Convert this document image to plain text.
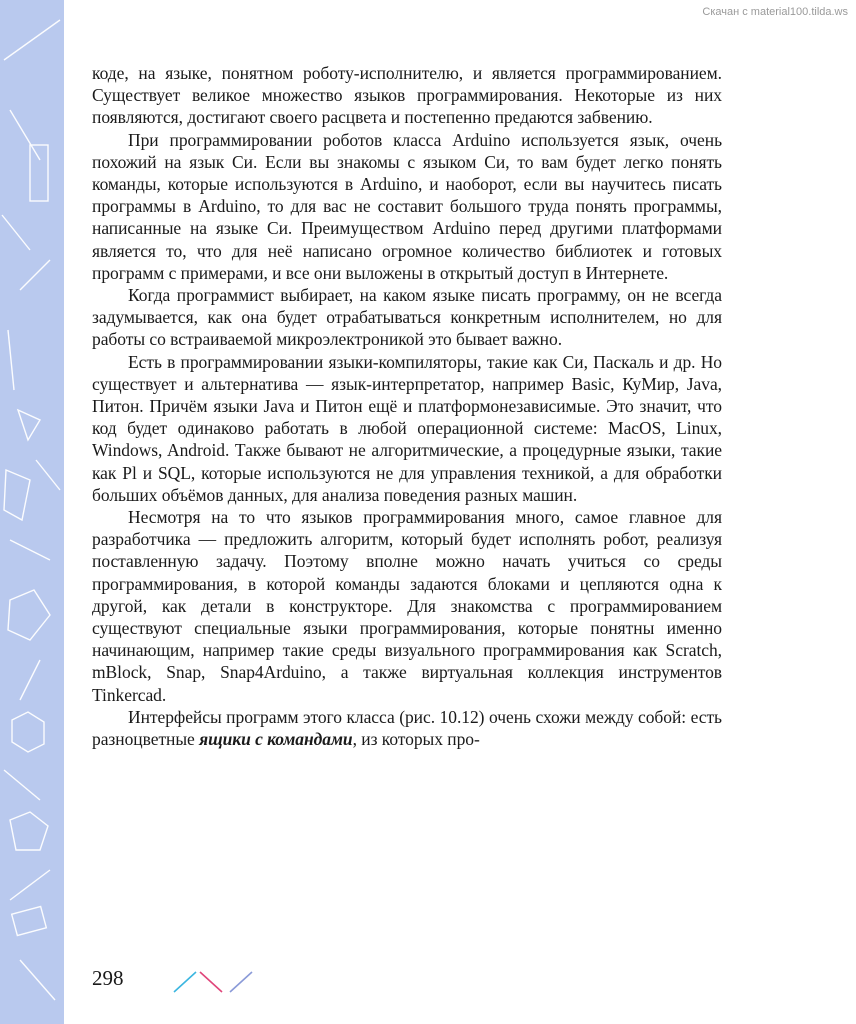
Скачан с material100.tilda.ws

коде, на языке, понятном роботу-исполнителю, и является программированием. Существует великое множество языков программирования. Некоторые из них появляются, достигают своего расцвета и постепенно предаются забвению.

При программировании роботов класса Arduino используется язык, очень похожий на язык Си. Если вы знакомы с языком Си, то вам будет легко понять команды, которые используются в Arduino, и наоборот, если вы научитесь писать программы в Arduino, то для вас не составит большого труда понять программы, написанные на языке Си. Преимуществом Arduino перед другими платформами является то, что для неё написано огромное количество библиотек и готовых программ с примерами, и все они выложены в открытый доступ в Интернете.

Когда программист выбирает, на каком языке писать программу, он не всегда задумывается, как она будет отрабатываться конкретным исполнителем, но для работы со встраиваемой микроэлектроникой это бывает важно.

Есть в программировании языки-компиляторы, такие как Си, Паскаль и др. Но существует и альтернатива — язык-интерпретатор, например Basic, КуМир, Java, Питон. Причём языки Java и Питон ещё и платформонезависимые. Это значит, что код будет одинаково работать в любой операционной системе: MacOS, Linux, Windows, Android. Также бывают не алгоритмические, а процедурные языки, такие как Pl и SQL, которые используются не для управления техникой, а для обработки больших объёмов данных, для анализа поведения разных машин.

Несмотря на то что языков программирования много, самое главное для разработчика — предложить алгоритм, который будет исполнять робот, реализуя поставленную задачу. Поэтому вполне можно начать учиться со среды программирования, в которой команды задаются блоками и цепляются одна к другой, как детали в конструкторе. Для знакомства с программированием существуют специальные языки программирования, которые понятны именно начинающим, например такие среды визуального программирования как Scratch, mBlock, Snap, Snap4Arduino, а также виртуальная коллекция инструментов Tinkercad.

Интерфейсы программ этого класса (рис. 10.12) очень схожи между собой: есть разноцветные ящики с командами, из которых про-

298
